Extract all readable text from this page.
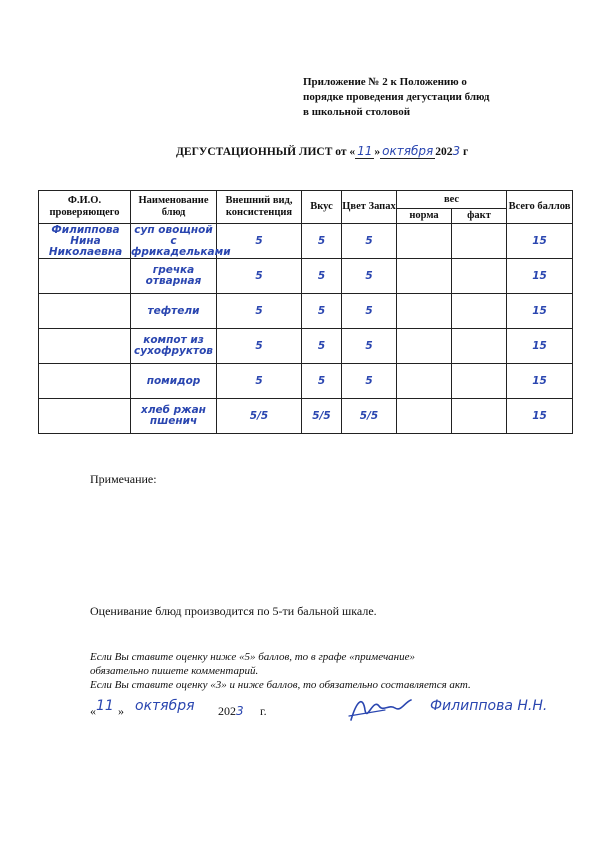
Приложение № 2 к Положению о
порядке проведения дегустации блюд
в школьной столовой
ДЕГУСТАЦИОННЫЙ ЛИСТ от « 11 » октября 2023 г
Ф.И.О. проверяющего	Наименование блюд	Внешний вид, консистенция	Вкус	Цвет Запах	вес		Всего баллов
					норма	факт	
Филиппова Нина Николаевна	суп овощной с фрикадельками	5	5	5			15
	гречка отварная	5	5	5			15
	тефтели	5	5	5			15
	компот из сухофруктов	5	5	5			15
	помидор	5	5	5			15
	хлеб ржан пшенич	5/5	5/5	5/5			15
Примечание:
Оценивание блюд производится по 5-ти бальной шкале.
Если Вы ставите оценку ниже «5» баллов, то в графе «примечание»
обязательно пишете комментарий.
Если Вы ставите оценку «3» и ниже баллов, то обязательно составляется акт.
« 11 » октября 2023 г.	Филиппова Н.Н.
